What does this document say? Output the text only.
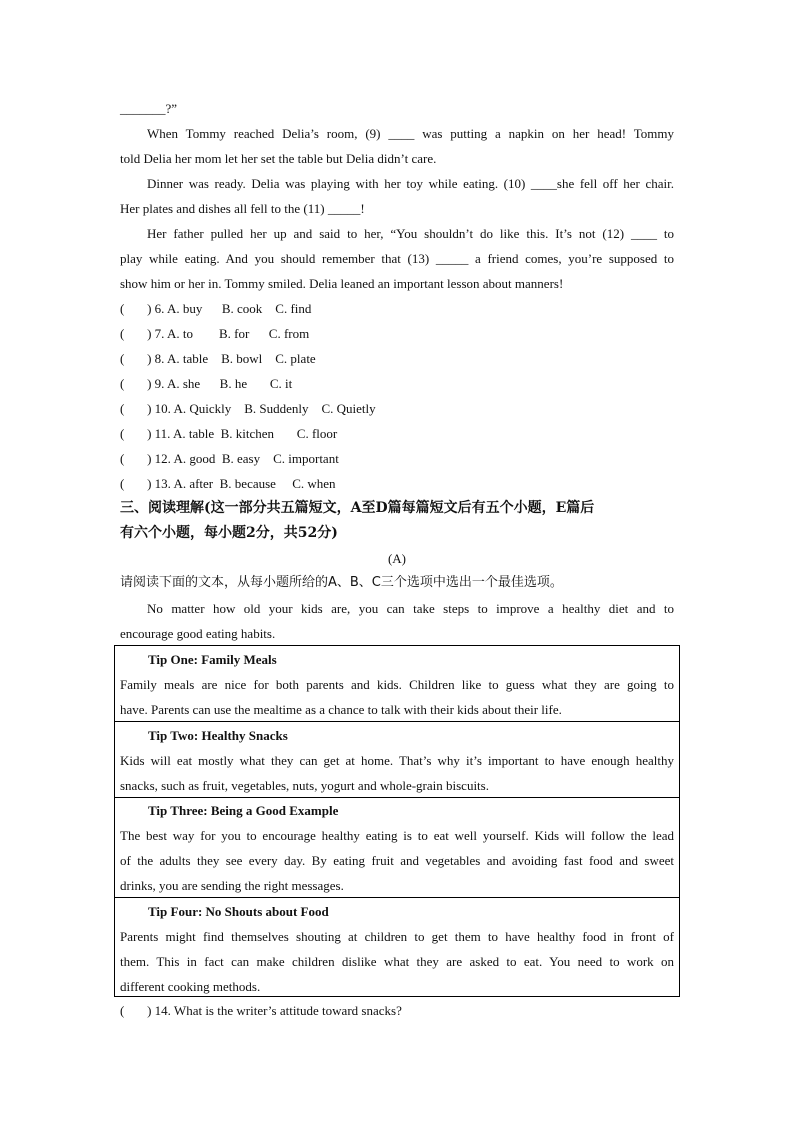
_______?”
When Tommy reached Delia’s room, (9) ____ was putting a napkin on her head! Tommy
told Delia her mom let her set the table but Delia didn’t care.
Dinner was ready. Delia was playing with her toy while eating. (10) ____she fell off her chair.
Her plates and dishes all fell to the (11) _____!
Her father pulled her up and said to her, “You shouldn’t do like this. It’s not (12) ____ to
play while eating. And you should remember that (13) _____ a friend comes, you’re supposed to
show him or her in. Tommy smiled. Delia leaned an important lesson about manners!
(       ) 6. A. buy      B. cook    C. find
(       ) 7. A. to        B. for      C. from
(       ) 8. A. table    B. bowl    C. plate
(       ) 9. A. she      B. he       C. it
(       ) 10. A. Quickly    B. Suddenly    C. Quietly
(       ) 11. A. table  B. kitchen       C. floor
(       ) 12. A. good  B. easy    C. important
(       ) 13. A. after  B. because     C. when
三、阅读理解(这一部分共五篇短文，A至D篇每篇短文后有五个小题，E篇后
有六个小题，每小题2分，共52分)
(A)
请阅读下面的文本，从每小题所给的A、B、C三个选项中选出一个最佳选项。
No matter how old your kids are, you can take steps to improve a healthy diet and to
encourage good eating habits.
Tip One: Family Meals
Family meals are nice for both parents and kids. Children like to guess what they are going to
have. Parents can use the mealtime as a chance to talk with their kids about their life.
Tip Two: Healthy Snacks
Kids will eat mostly what they can get at home. That’s why it’s important to have enough healthy
snacks, such as fruit, vegetables, nuts, yogurt and whole-grain biscuits.
Tip Three: Being a Good Example
The best way for you to encourage healthy eating is to eat well yourself. Kids will follow the lead
of the adults they see every day. By eating fruit and vegetables and avoiding fast food and sweet
drinks, you are sending the right messages.
Tip Four: No Shouts about Food
Parents might find themselves shouting at children to get them to have healthy food in front of
them. This in fact can make children dislike what they are asked to eat. You need to work on
different cooking methods.
(       ) 14. What is the writer’s attitude toward snacks?
